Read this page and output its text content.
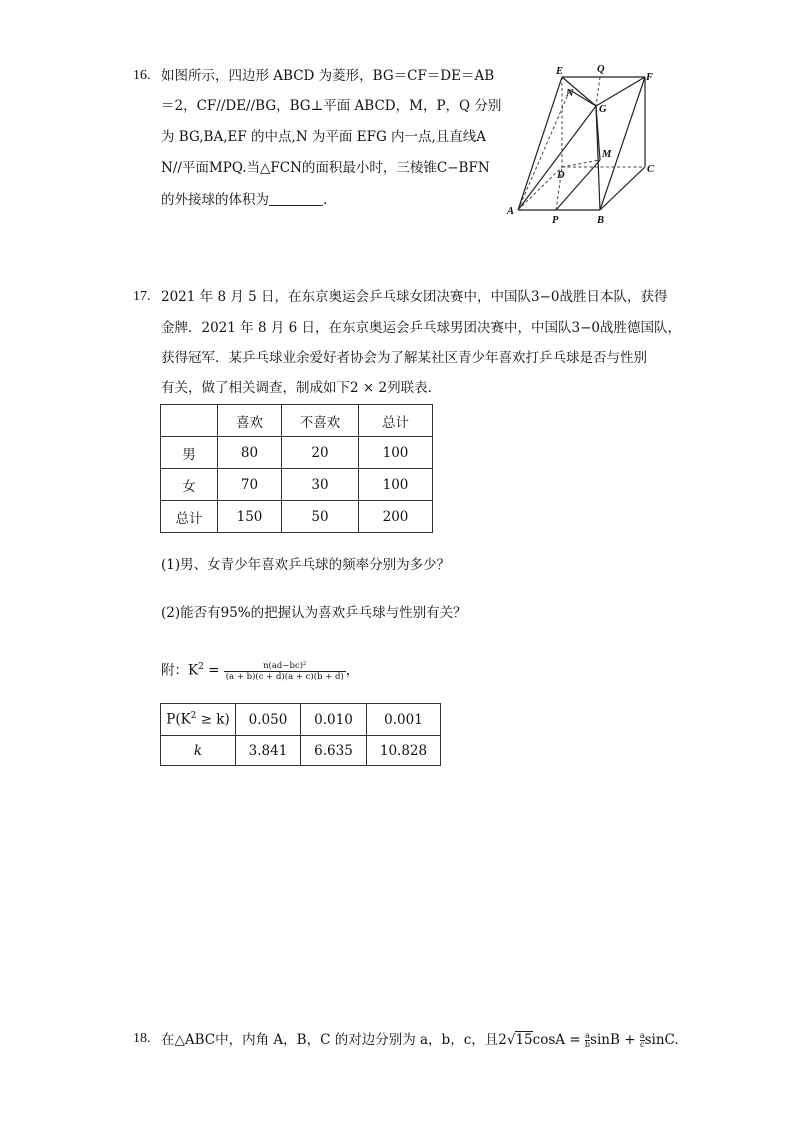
16. 如图所示，四边形 ABCD 为菱形，BG＝CF＝DE＝AB
＝2，CF//DE//BG，BG⊥平面 ABCD，M，P，Q 分别
为 BG,BA,EF 的中点,N 为平面 EFG 内一点,且直线A
N//平面MPQ.当△FCN的面积最小时，三棱锥C−BFN
的外接球的体积为	.
E	Q
F
N
G
M
D
C
A
P	B
17. 2021 年 8 月 5 日，在东京奥运会乒乓球女团决赛中，中国队3−0战胜日本队，获得
金牌．2021 年 8 月 6 日，在东京奥运会乒乓球男团决赛中，中国队3−0战胜德国队，
获得冠军．某乒乓球业余爱好者协会为了解某社区青少年喜欢打乒乓球是否与性别
有关，做了相关调查，制成如下2 × 2列联表．
	喜欢	不喜欢	总计
男	80	20	100
女	70	30	100
总计	150	50	200
(1)男、女青少年喜欢乒乓球的频率分别为多少？
(2)能否有95%的把握认为喜欢乒乓球与性别有关？
附：$K^2 = \frac{\text{n(ad−bc)²}}{(a + b)(c + d)(a + c)(b + d)}$ ，
$P(K^2 \ge k)$	0.050	0.010	0.001
k	3.841	6.635	10.828
18. 在△ABC中，内角 A，B，C 的对边分别为 a，b，c，且$2√15\cos A = \frac{a}{b}$ $\sin B + \frac{a}{c} \sin C$.
